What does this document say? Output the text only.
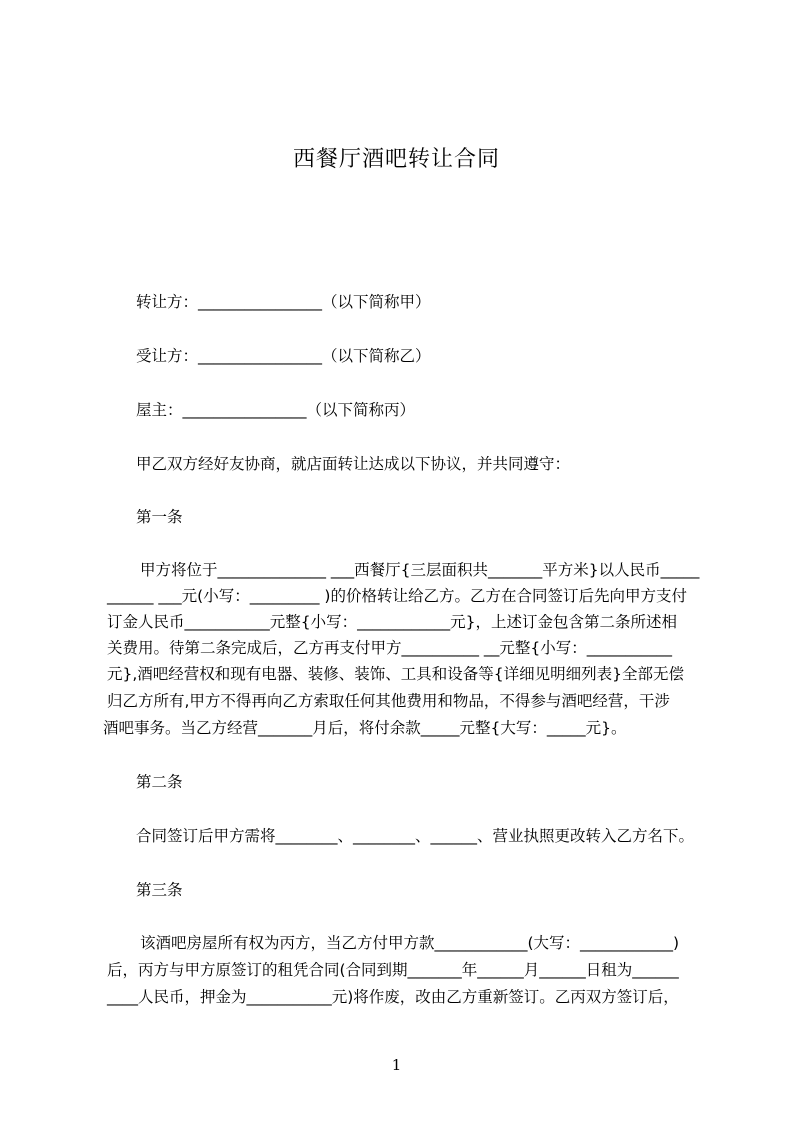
西餐厅酒吧转让合同
转让方：________________（以下简称甲）
受让方：________________（以下简称乙）
屋主：________________（以下简称丙）
甲乙双方经好友协商，就店面转让达成以下协议，并共同遵守：
第一条
甲方将位于______________ ___西餐厅{三层面积共_______平方米}以人民币_____
______ ___元(小写：_________ )的价格转让给乙方。乙方在合同签订后先向甲方支付
订金人民币___________元整{小写：____________元}，上述订金包含第二条所述相
关费用。待第二条完成后，乙方再支付甲方__________ __元整{小写：___________
元},酒吧经营权和现有电器、装修、装饰、工具和设备等{详细见明细列表}全部无偿
归乙方所有,甲方不得再向乙方索取任何其他费用和物品，不得参与酒吧经营，干涉
酒吧事务。当乙方经营_______月后，将付余款_____元整{大写：_____元}。
第二条
合同签订后甲方需将________、________、______、营业执照更改转入乙方名下。
第三条
该酒吧房屋所有权为丙方，当乙方付甲方款____________(大写：____________)
后，丙方与甲方原签订的租凭合同(合同到期_______年______月______日租为______
____人民币，押金为___________元)将作废，改由乙方重新签订。乙丙双方签订后，
1
